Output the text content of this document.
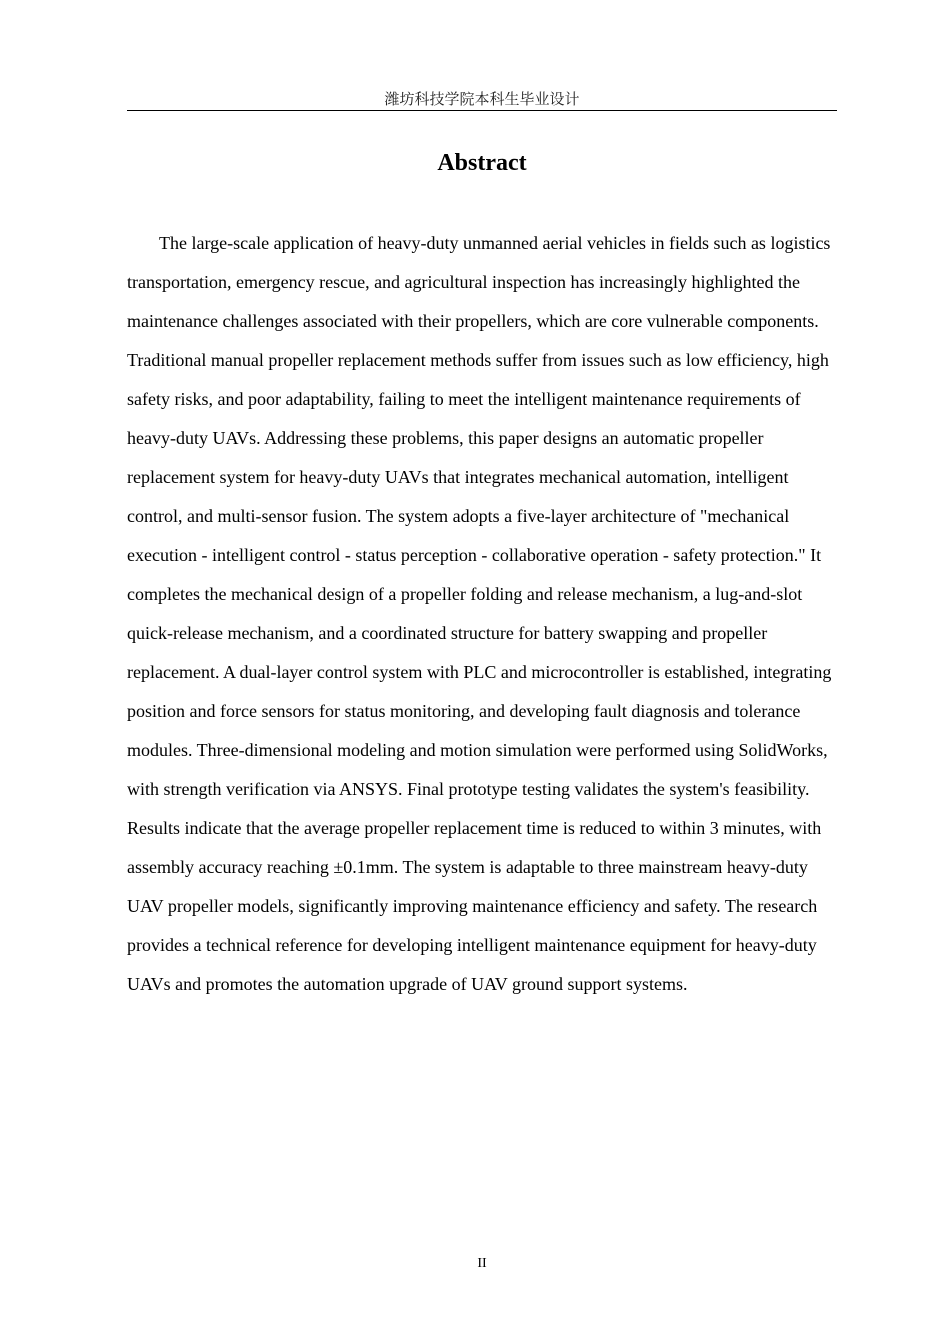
潍坊科技学院本科生毕业设计
Abstract

The large-scale application of heavy-duty unmanned aerial vehicles in fields such as logistics transportation, emergency rescue, and agricultural inspection has increasingly highlighted the maintenance challenges associated with their propellers, which are core vulnerable components. Traditional manual propeller replacement methods suffer from issues such as low efficiency, high safety risks, and poor adaptability, failing to meet the intelligent maintenance requirements of heavy-duty UAVs. Addressing these problems, this paper designs an automatic propeller replacement system for heavy-duty UAVs that integrates mechanical automation, intelligent control, and multi-sensor fusion. The system adopts a five-layer architecture of "mechanical execution - intelligent control - status perception - collaborative operation - safety protection." It completes the mechanical design of a propeller folding and release mechanism, a lug-and-slot quick-release mechanism, and a coordinated structure for battery swapping and propeller replacement. A dual-layer control system with PLC and microcontroller is established, integrating position and force sensors for status monitoring, and developing fault diagnosis and tolerance modules. Three-dimensional modeling and motion simulation were performed using SolidWorks, with strength verification via ANSYS. Final prototype testing validates the system's feasibility. Results indicate that the average propeller replacement time is reduced to within 3 minutes, with assembly accuracy reaching ±0.1mm. The system is adaptable to three mainstream heavy-duty UAV propeller models, significantly improving maintenance efficiency and safety. The research provides a technical reference for developing intelligent maintenance equipment for heavy-duty UAVs and promotes the automation upgrade of UAV ground support systems.

II
